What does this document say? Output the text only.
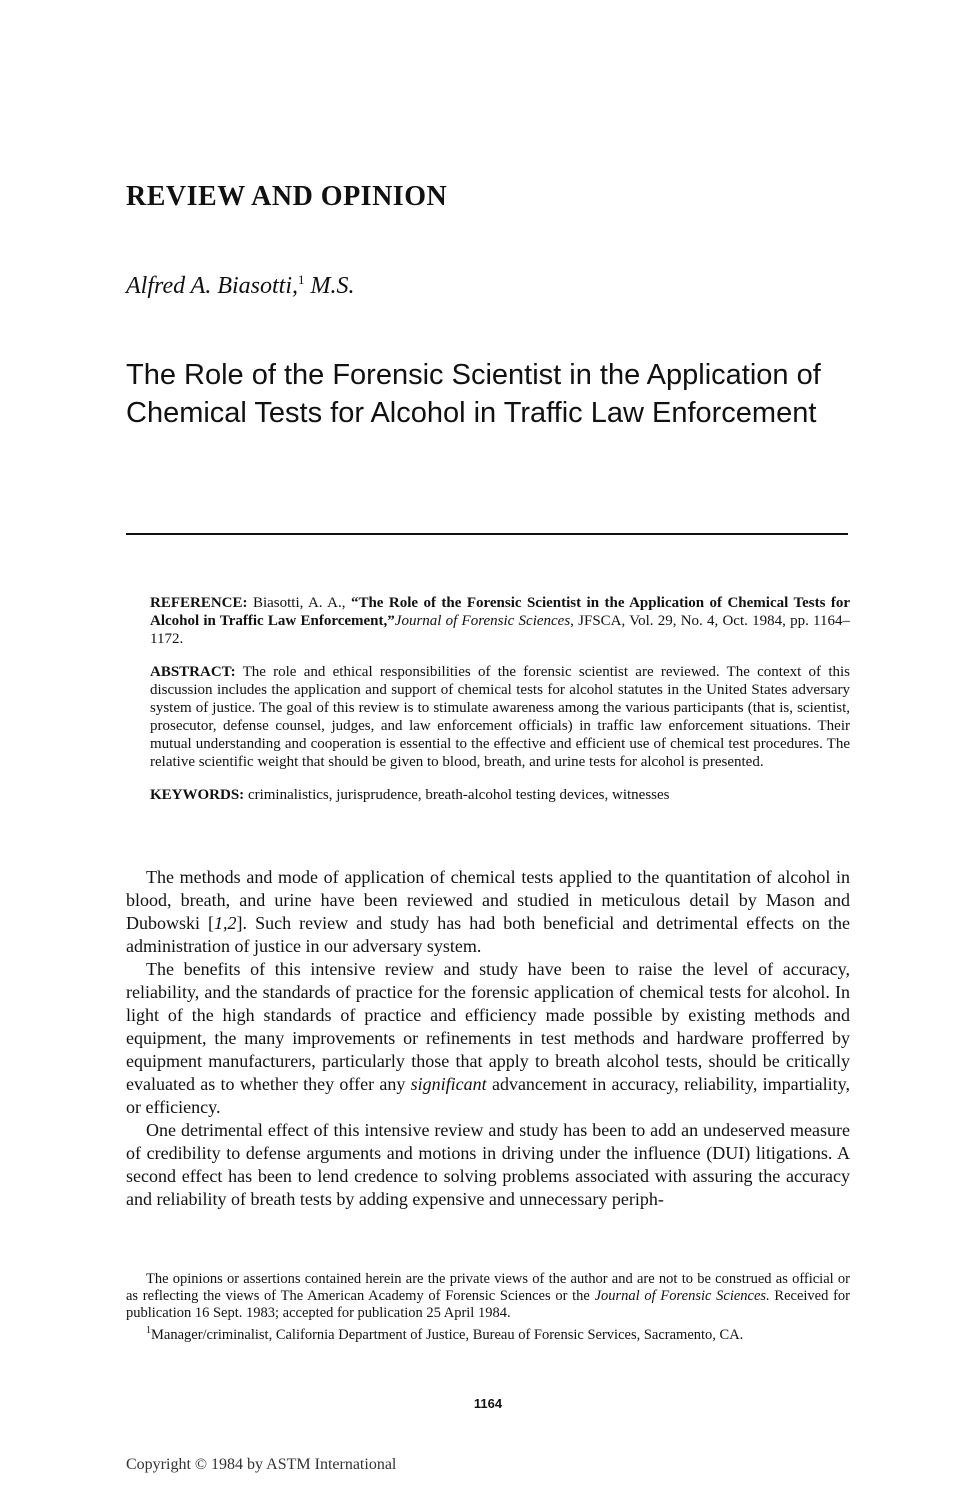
REVIEW AND OPINION
Alfred A. Biasotti,$^1$ M.S.
The Role of the Forensic Scientist in the Application of Chemical Tests for Alcohol in Traffic Law Enforcement

REFERENCE: Biasotti, A. A., “The Role of the Forensic Scientist in the Application of Chemical Tests for Alcohol in Traffic Law Enforcement,”Journal of Forensic Sciences, JFSCA, Vol. 29, No. 4, Oct. 1984, pp. 1164–1172.

ABSTRACT: The role and ethical responsibilities of the forensic scientist are reviewed. The context of this discussion includes the application and support of chemical tests for alcohol statutes in the United States adversary system of justice. The goal of this review is to stimulate awareness among the various participants (that is, scientist, prosecutor, defense counsel, judges, and law enforcement officials) in traffic law enforcement situations. Their mutual understanding and cooperation is essential to the effective and efficient use of chemical test procedures. The relative scientific weight that should be given to blood, breath, and urine tests for alcohol is presented.

KEYWORDS: criminalistics, jurisprudence, breath-alcohol testing devices, witnesses

The methods and mode of application of chemical tests applied to the quantitation of alcohol in blood, breath, and urine have been reviewed and studied in meticulous detail by Mason and Dubowski [1,2]. Such review and study has had both beneficial and detrimental effects on the administration of justice in our adversary system.

The benefits of this intensive review and study have been to raise the level of accuracy, reliability, and the standards of practice for the forensic application of chemical tests for alcohol. In light of the high standards of practice and efficiency made possible by existing methods and equipment, the many improvements or refinements in test methods and hardware profferred by equipment manufacturers, particularly those that apply to breath alcohol tests, should be critically evaluated as to whether they offer any significant advancement in accuracy, reliability, impartiality, or efficiency.

One detrimental effect of this intensive review and study has been to add an undeserved measure of credibility to defense arguments and motions in driving under the influence (DUI) litigations. A second effect has been to lend credence to solving problems associated with assuring the accuracy and reliability of breath tests by adding expensive and unnecessary periph-

The opinions or assertions contained herein are the private views of the author and are not to be construed as official or as reflecting the views of The American Academy of Forensic Sciences or the Journal of Forensic Sciences. Received for publication 16 Sept. 1983; accepted for publication 25 April 1984.

$^1$Manager/criminalist, California Department of Justice, Bureau of Forensic Services, Sacramento, CA.

1164
Copyright © 1984 by ASTM International
